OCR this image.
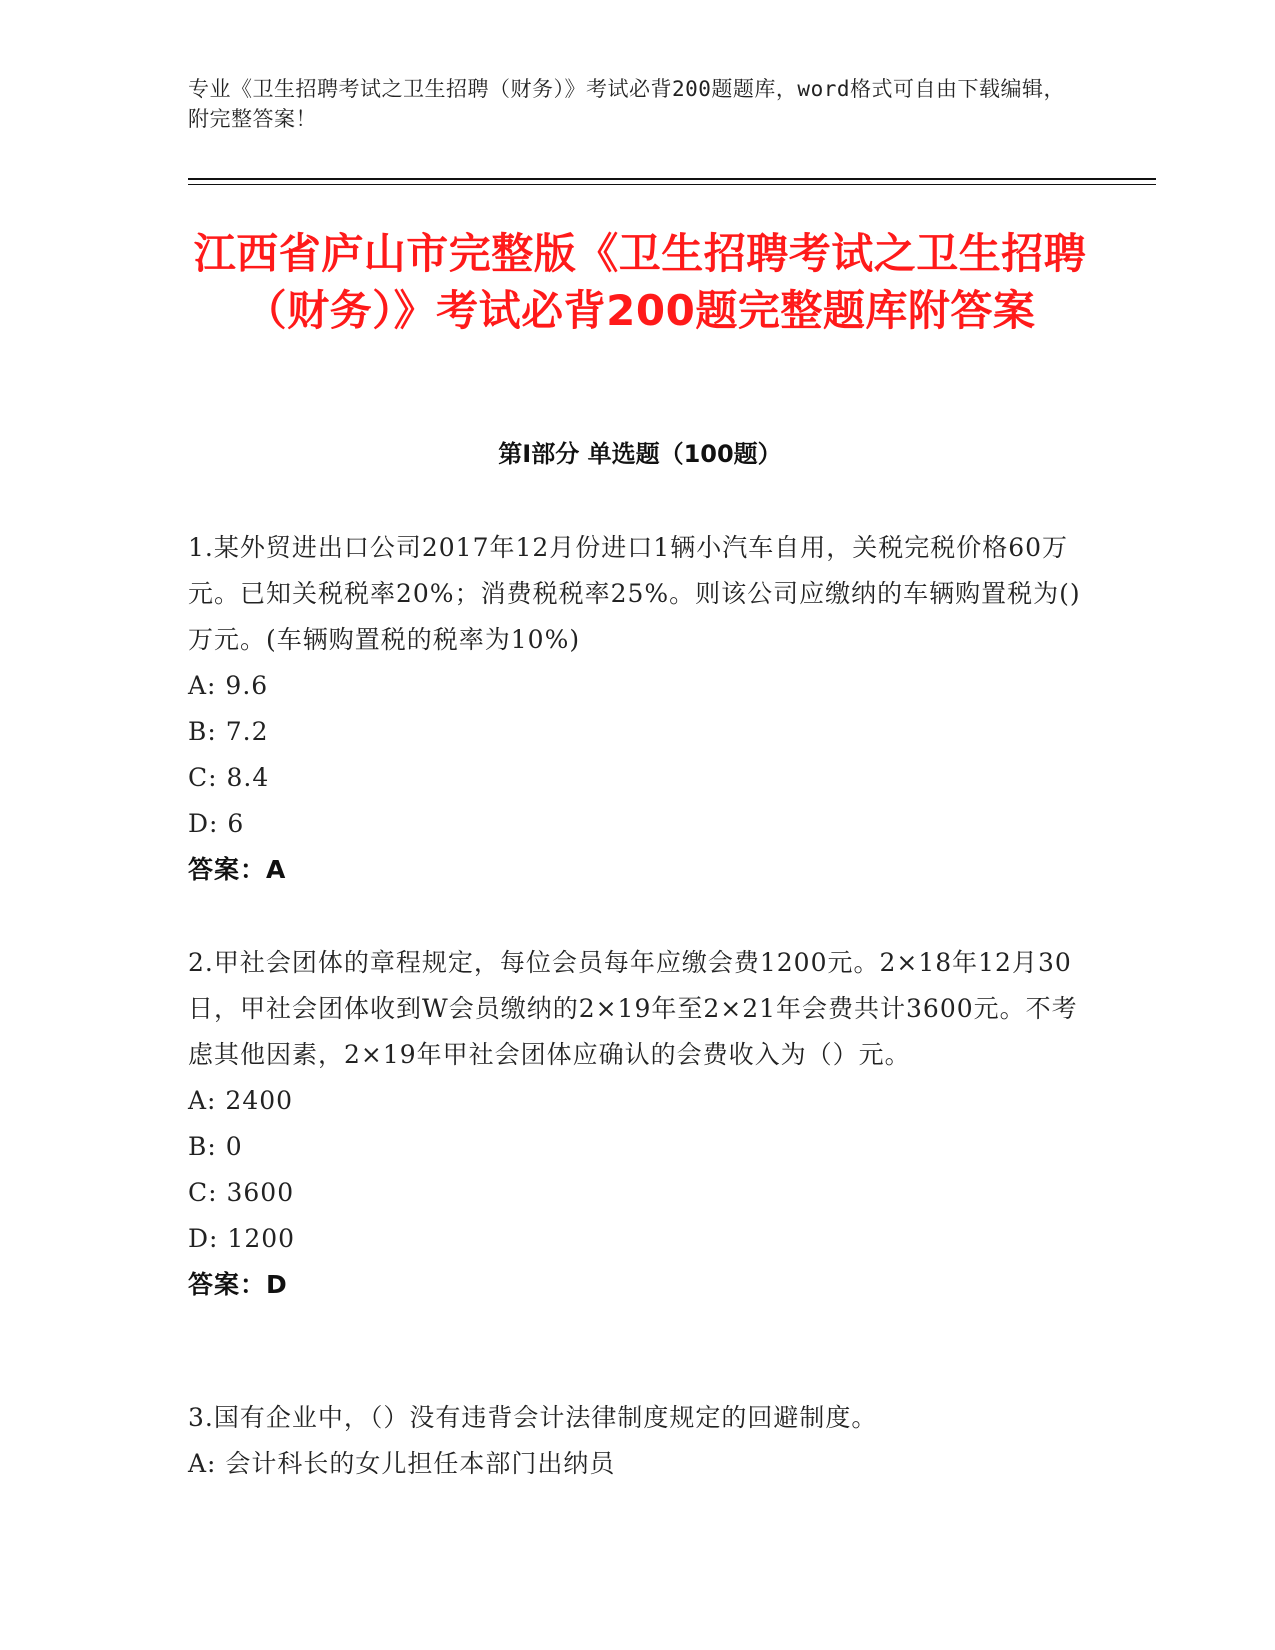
专业《卫生招聘考试之卫生招聘（财务）》考试必背200题题库，word格式可自由下载编辑，附完整答案！
江西省庐山市完整版《卫生招聘考试之卫生招聘（财务）》考试必背200题完整题库附答案
第I部分 单选题（100题）

1.某外贸进出口公司2017年12月份进口1辆小汽车自用，关税完税价格60万元。已知关税税率20%；消费税税率25%。则该公司应缴纳的车辆购置税为()万元。(车辆购置税的税率为10%)

A: 9.6

B: 7.2

C: 8.4

D: 6

答案：A

2.甲社会团体的章程规定，每位会员每年应缴会费1200元。2×18年12月30日，甲社会团体收到W会员缴纳的2×19年至2×21年会费共计3600元。不考虑其他因素，2×19年甲社会团体应确认的会费收入为（）元。

A: 2400

B: 0

C: 3600

D: 1200

答案：D

3.国有企业中，（）没有违背会计法律制度规定的回避制度。

A: 会计科长的女儿担任本部门出纳员
